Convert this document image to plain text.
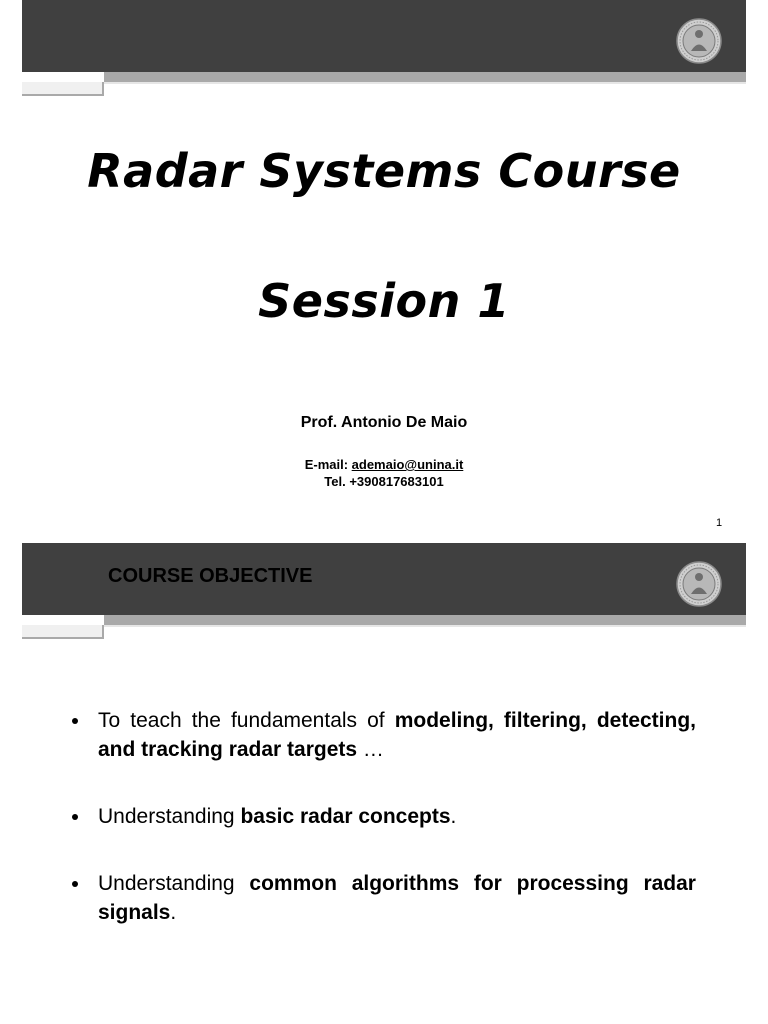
Radar Systems Course
Session 1
Prof. Antonio De Maio
E-mail: ademaio@unina.it
Tel. +390817683101
1
COURSE OBJECTIVE
To teach the fundamentals of modeling, filtering, detecting, and tracking radar targets …
Understanding basic radar concepts.
Understanding common algorithms for processing radar signals.
